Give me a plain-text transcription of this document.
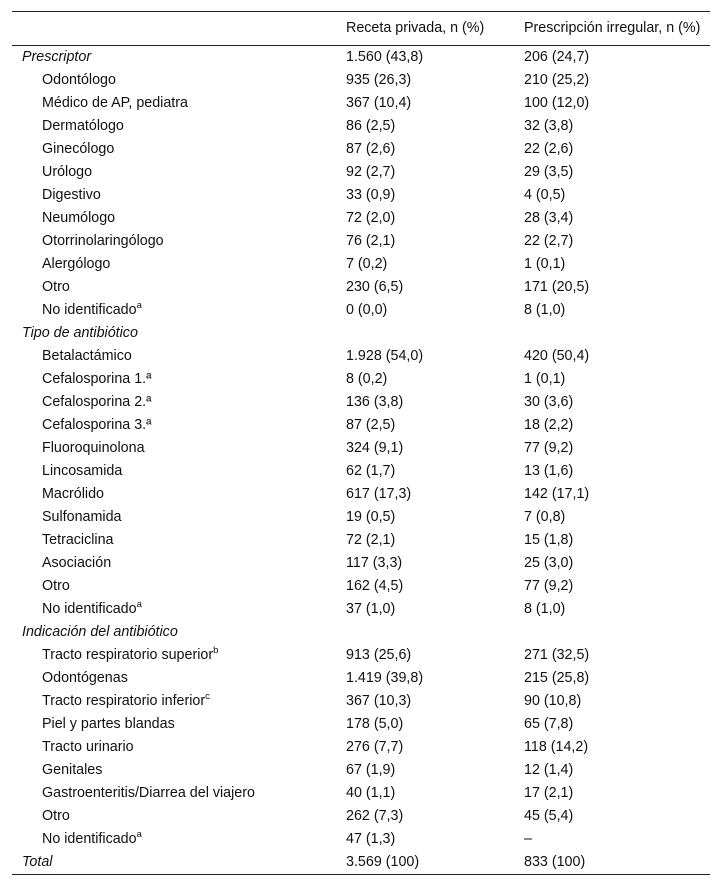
	Receta privada, n (%)	Prescripción irregular, n (%)
Prescriptor	1.560 (43,8)	206 (24,7)
Odontólogo	935 (26,3)	210 (25,2)
Médico de AP, pediatra	367 (10,4)	100 (12,0)
Dermatólogo	86 (2,5)	32 (3,8)
Ginecólogo	87 (2,6)	22 (2,6)
Urólogo	92 (2,7)	29 (3,5)
Digestivo	33 (0,9)	4 (0,5)
Neumólogo	72 (2,0)	28 (3,4)
Otorrinolaringólogo	76 (2,1)	22 (2,7)
Alergólogo	7 (0,2)	1 (0,1)
Otro	230 (6,5)	171 (20,5)
No identificado$^a$	0 (0,0)	8 (1,0)
Tipo de antibiótico		
Betalactámico	1.928 (54,0)	420 (50,4)
Cefalosporina 1.ª	8 (0,2)	1 (0,1)
Cefalosporina 2.ª	136 (3,8)	30 (3,6)
Cefalosporina 3.ª	87 (2,5)	18 (2,2)
Fluoroquinolona	324 (9,1)	77 (9,2)
Lincosamida	62 (1,7)	13 (1,6)
Macrólido	617 (17,3)	142 (17,1)
Sulfonamida	19 (0,5)	7 (0,8)
Tetraciclina	72 (2,1)	15 (1,8)
Asociación	117 (3,3)	25 (3,0)
Otro	162 (4,5)	77 (9,2)
No identificado$^a$	37 (1,0)	8 (1,0)
Indicación del antibiótico		
Tracto respiratorio superior$^b$	913 (25,6)	271 (32,5)
Odontógenas	1.419 (39,8)	215 (25,8)
Tracto respiratorio inferior$^c$	367 (10,3)	90 (10,8)
Piel y partes blandas	178 (5,0)	65 (7,8)
Tracto urinario	276 (7,7)	118 (14,2)
Genitales	67 (1,9)	12 (1,4)
Gastroenteritis/Diarrea del viajero	40 (1,1)	17 (2,1)
Otro	262 (7,3)	45 (5,4)
No identificado$^a$	47 (1,3)	–
Total	3.569 (100)	833 (100)
